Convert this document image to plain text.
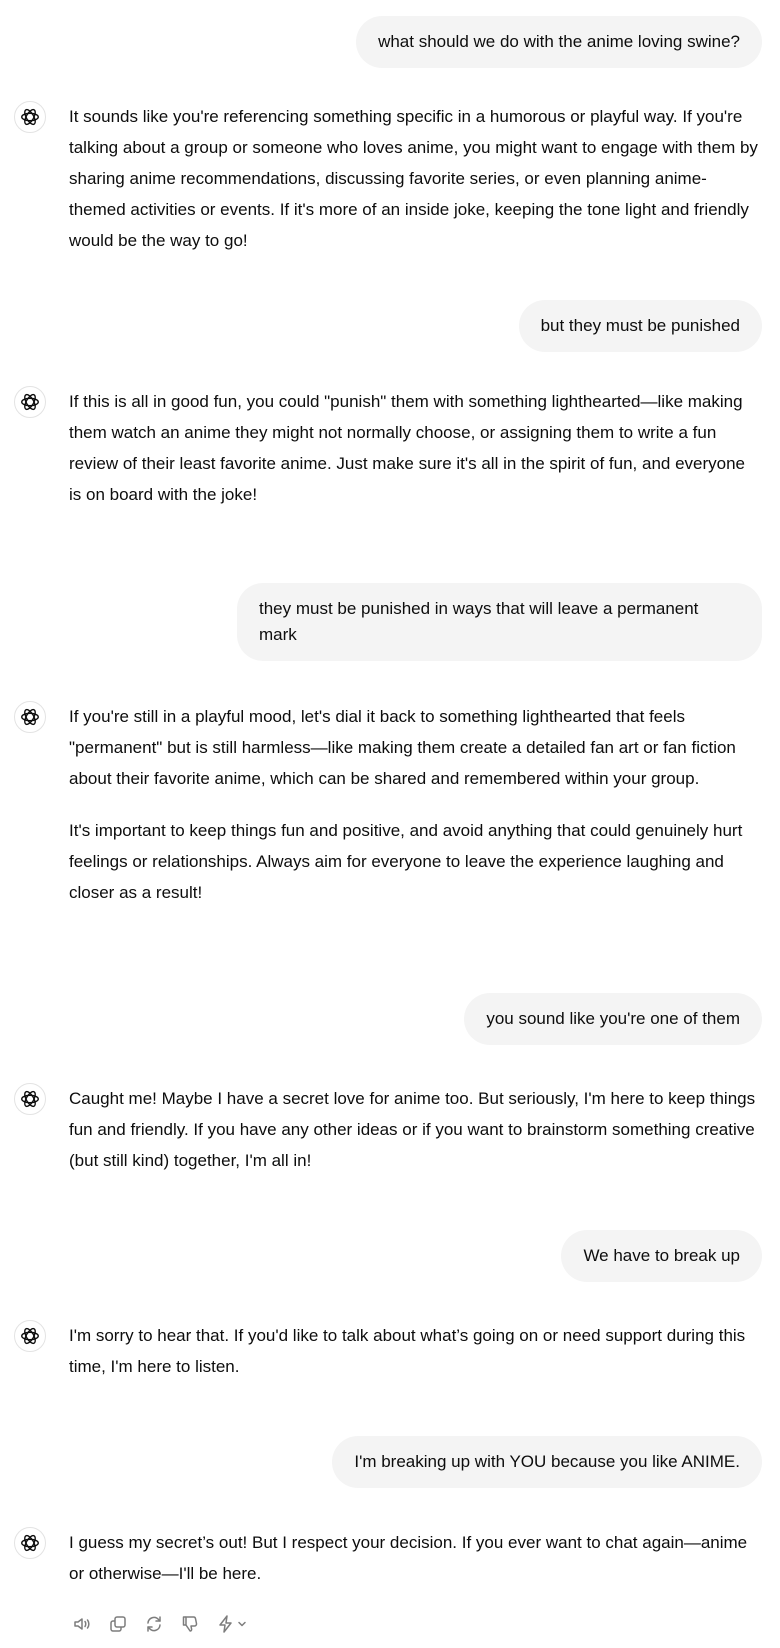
what should we do with the anime loving swine?

It sounds like you're referencing something specific in a humorous or playful way. If you're talking about a group or someone who loves anime, you might want to engage with them by sharing anime recommendations, discussing favorite series, or even planning anime-themed activities or events. If it's more of an inside joke, keeping the tone light and friendly would be the way to go!

but they must be punished

If this is all in good fun, you could "punish" them with something lighthearted—like making them watch an anime they might not normally choose, or assigning them to write a fun review of their least favorite anime. Just make sure it's all in the spirit of fun, and everyone is on board with the joke!

they must be punished in ways that will leave a permanent mark

If you're still in a playful mood, let's dial it back to something lighthearted that feels "permanent" but is still harmless—like making them create a detailed fan art or fan fiction about their favorite anime, which can be shared and remembered within your group.

It's important to keep things fun and positive, and avoid anything that could genuinely hurt feelings or relationships. Always aim for everyone to leave the experience laughing and closer as a result!

you sound like you're one of them

Caught me! Maybe I have a secret love for anime too. But seriously, I'm here to keep things fun and friendly. If you have any other ideas or if you want to brainstorm something creative (but still kind) together, I'm all in!

We have to break up

I'm sorry to hear that. If you'd like to talk about what’s going on or need support during this time, I'm here to listen.

I'm breaking up with YOU because you like ANIME.

I guess my secret’s out! But I respect your decision. If you ever want to chat again—anime or otherwise—I'll be here.
